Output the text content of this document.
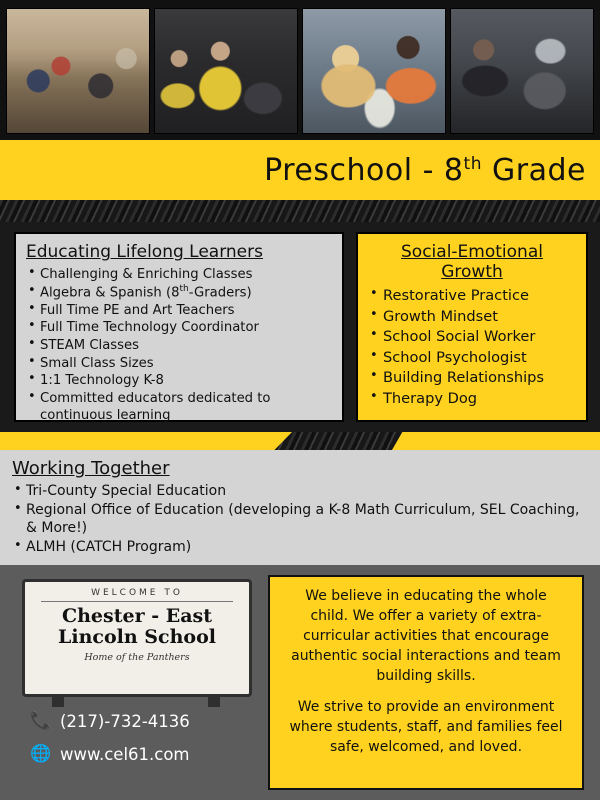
Preschool - 8th Grade
Educating Lifelong Learners
• Challenging & Enriching Classes
• Algebra & Spanish (8th-Graders)
• Full Time PE and Art Teachers
• Full Time Technology Coordinator
• STEAM Classes
• Small Class Sizes
• 1:1 Technology K-8
• Committed educators dedicated to continuous learning
Social-Emotional
Growth
• Restorative Practice
• Growth Mindset
• School Social Worker
• School Psychologist
• Building Relationships
• Therapy Dog
Working Together
• Tri-County Special Education
• Regional Office of Education (developing a K-8 Math Curriculum, SEL Coaching, & More!)
• ALMH (CATCH Program)
WELCOME TO
Chester - East
Lincoln School
Home of the Panthers
📞 (217)-732-4136
🌐 www.cel61.com

We believe in educating the whole child. We offer a variety of extra-curricular activities that encourage authentic social interactions and team building skills.

We strive to provide an environment where students, staff, and families feel safe, welcomed, and loved.
